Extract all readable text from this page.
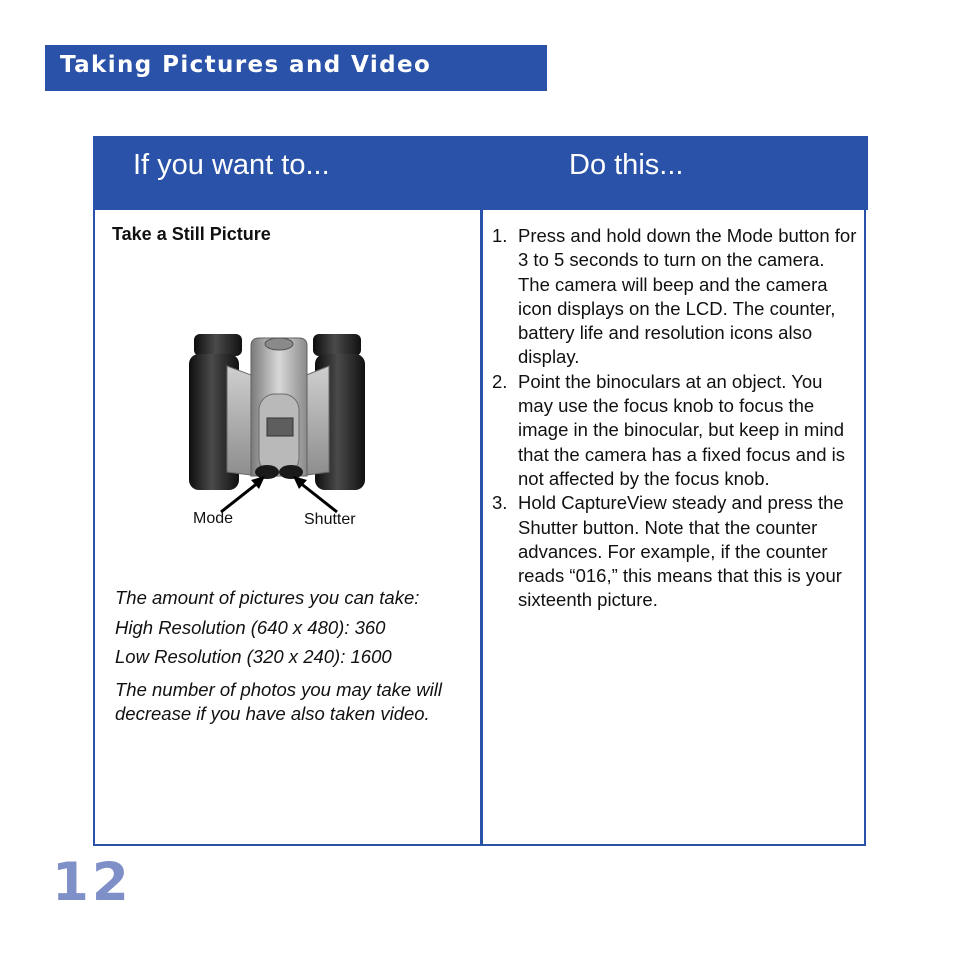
Taking Pictures and Video
If you want to...	Do this...
Take a Still Picture
Mode	Shutter
The amount of pictures you can take:
High Resolution (640 x 480): 360
Low Resolution (320 x 240): 1600
The number of photos you may take will decrease if you have also taken video.
1. Press and hold down the Mode button for 3 to 5 seconds to turn on the camera. The camera will beep and the camera icon displays on the LCD. The counter, battery life and resolution icons also display.
2. Point the binoculars at an object. You may use the focus knob to focus the image in the binocular, but keep in mind that the camera has a fixed focus and is not affected by the focus knob.
3. Hold CaptureView steady and press the Shutter button. Note that the counter advances. For example, if the counter reads “016,” this means that this is your sixteenth picture.
12
